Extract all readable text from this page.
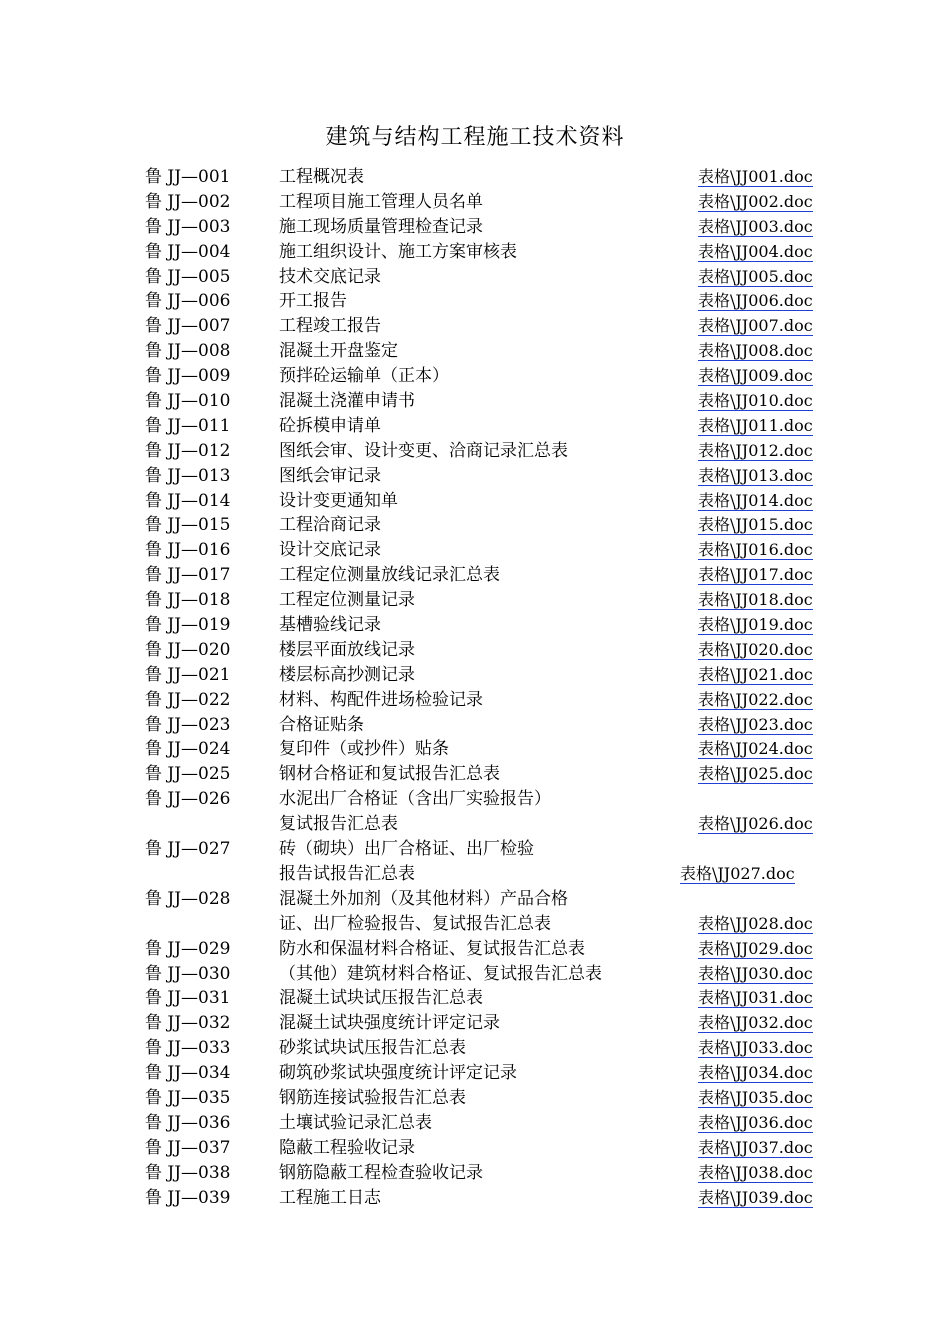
建筑与结构工程施工技术资料
鲁 JJ—001	工程概况表	表格\JJ001.doc
鲁 JJ—002	工程项目施工管理人员名单	表格\JJ002.doc
鲁 JJ—003	施工现场质量管理检查记录	表格\JJ003.doc
鲁 JJ—004	施工组织设计、施工方案审核表	表格\JJ004.doc
鲁 JJ—005	技术交底记录	表格\JJ005.doc
鲁 JJ—006	开工报告	表格\JJ006.doc
鲁 JJ—007	工程竣工报告	表格\JJ007.doc
鲁 JJ—008	混凝土开盘鉴定	表格\JJ008.doc
鲁 JJ—009	预拌砼运输单（正本）	表格\JJ009.doc
鲁 JJ—010	混凝土浇灌申请书	表格\JJ010.doc
鲁 JJ—011	砼拆模申请单	表格\JJ011.doc
鲁 JJ—012	图纸会审、设计变更、洽商记录汇总表	表格\JJ012.doc
鲁 JJ—013	图纸会审记录	表格\JJ013.doc
鲁 JJ—014	设计变更通知单	表格\JJ014.doc
鲁 JJ—015	工程洽商记录	表格\JJ015.doc
鲁 JJ—016	设计交底记录	表格\JJ016.doc
鲁 JJ—017	工程定位测量放线记录汇总表	表格\JJ017.doc
鲁 JJ—018	工程定位测量记录	表格\JJ018.doc
鲁 JJ—019	基槽验线记录	表格\JJ019.doc
鲁 JJ—020	楼层平面放线记录	表格\JJ020.doc
鲁 JJ—021	楼层标高抄测记录	表格\JJ021.doc
鲁 JJ—022	材料、构配件进场检验记录	表格\JJ022.doc
鲁 JJ—023	合格证贴条	表格\JJ023.doc
鲁 JJ—024	复印件（或抄件）贴条	表格\JJ024.doc
鲁 JJ—025	钢材合格证和复试报告汇总表	表格\JJ025.doc
鲁 JJ—026	水泥出厂合格证（含出厂实验报告）
复试报告汇总表	表格\JJ026.doc
鲁 JJ—027	砖（砌块）出厂合格证、出厂检验
报告试报告汇总表	表格\JJ027.doc
鲁 JJ—028	混凝土外加剂（及其他材料）产品合格
证、出厂检验报告、复试报告汇总表	表格\JJ028.doc
鲁 JJ—029	防水和保温材料合格证、复试报告汇总表	表格\JJ029.doc
鲁 JJ—030	（其他）建筑材料合格证、复试报告汇总表	表格\JJ030.doc
鲁 JJ—031	混凝土试块试压报告汇总表	表格\JJ031.doc
鲁 JJ—032	混凝土试块强度统计评定记录	表格\JJ032.doc
鲁 JJ—033	砂浆试块试压报告汇总表	表格\JJ033.doc
鲁 JJ—034	砌筑砂浆试块强度统计评定记录	表格\JJ034.doc
鲁 JJ—035	钢筋连接试验报告汇总表	表格\JJ035.doc
鲁 JJ—036	土壤试验记录汇总表	表格\JJ036.doc
鲁 JJ—037	隐蔽工程验收记录	表格\JJ037.doc
鲁 JJ—038	钢筋隐蔽工程检查验收记录	表格\JJ038.doc
鲁 JJ—039	工程施工日志	表格\JJ039.doc
